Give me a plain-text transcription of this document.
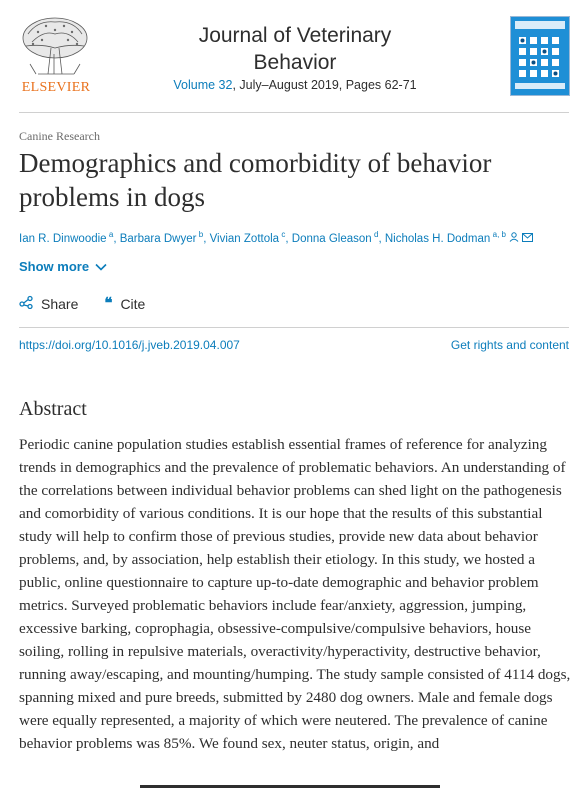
ELSEVIER
Journal of Veterinary Behavior
Volume 32, July–August 2019, Pages 62-71
Canine Research
Demographics and comorbidity of behavior problems in dogs
Ian R. Dinwoodie  $^a$, Barbara Dwyer  $^b$, Vivian Zottola  $^c$, Donna Gleason  $^d$, Nicholas H. Dodman  $^{a, b}$
Show more
Share ❝ Cite
https://doi.org/10.1016/j.jveb.2019.04.007	Get rights and content
Abstract

Periodic canine population studies establish essential frames of reference for analyzing trends in demographics and the prevalence of problematic behaviors. An understanding of the correlations between individual behavior problems can shed light on the pathogenesis and comorbidity of various conditions. It is our hope that the results of this substantial study will help to confirm those of previous studies, provide new data about behavior problems, and, by association, help establish their etiology. In this study, we hosted a public, online questionnaire to capture up-to-date demographic and behavior problem metrics. Surveyed problematic behaviors include fear/anxiety, aggression, jumping, excessive barking, coprophagia, obsessive-compulsive/compulsive behaviors, house soiling, rolling in repulsive materials, overactivity/hyperactivity, destructive behavior, running away/escaping, and mounting/humping. The study sample consisted of 4114 dogs, spanning mixed and pure breeds, submitted by 2480 dog owners. Male and female dogs were equally represented, a majority of which were neutered. The prevalence of canine behavior problems was 85%. We found sex, neuter status, origin, and
